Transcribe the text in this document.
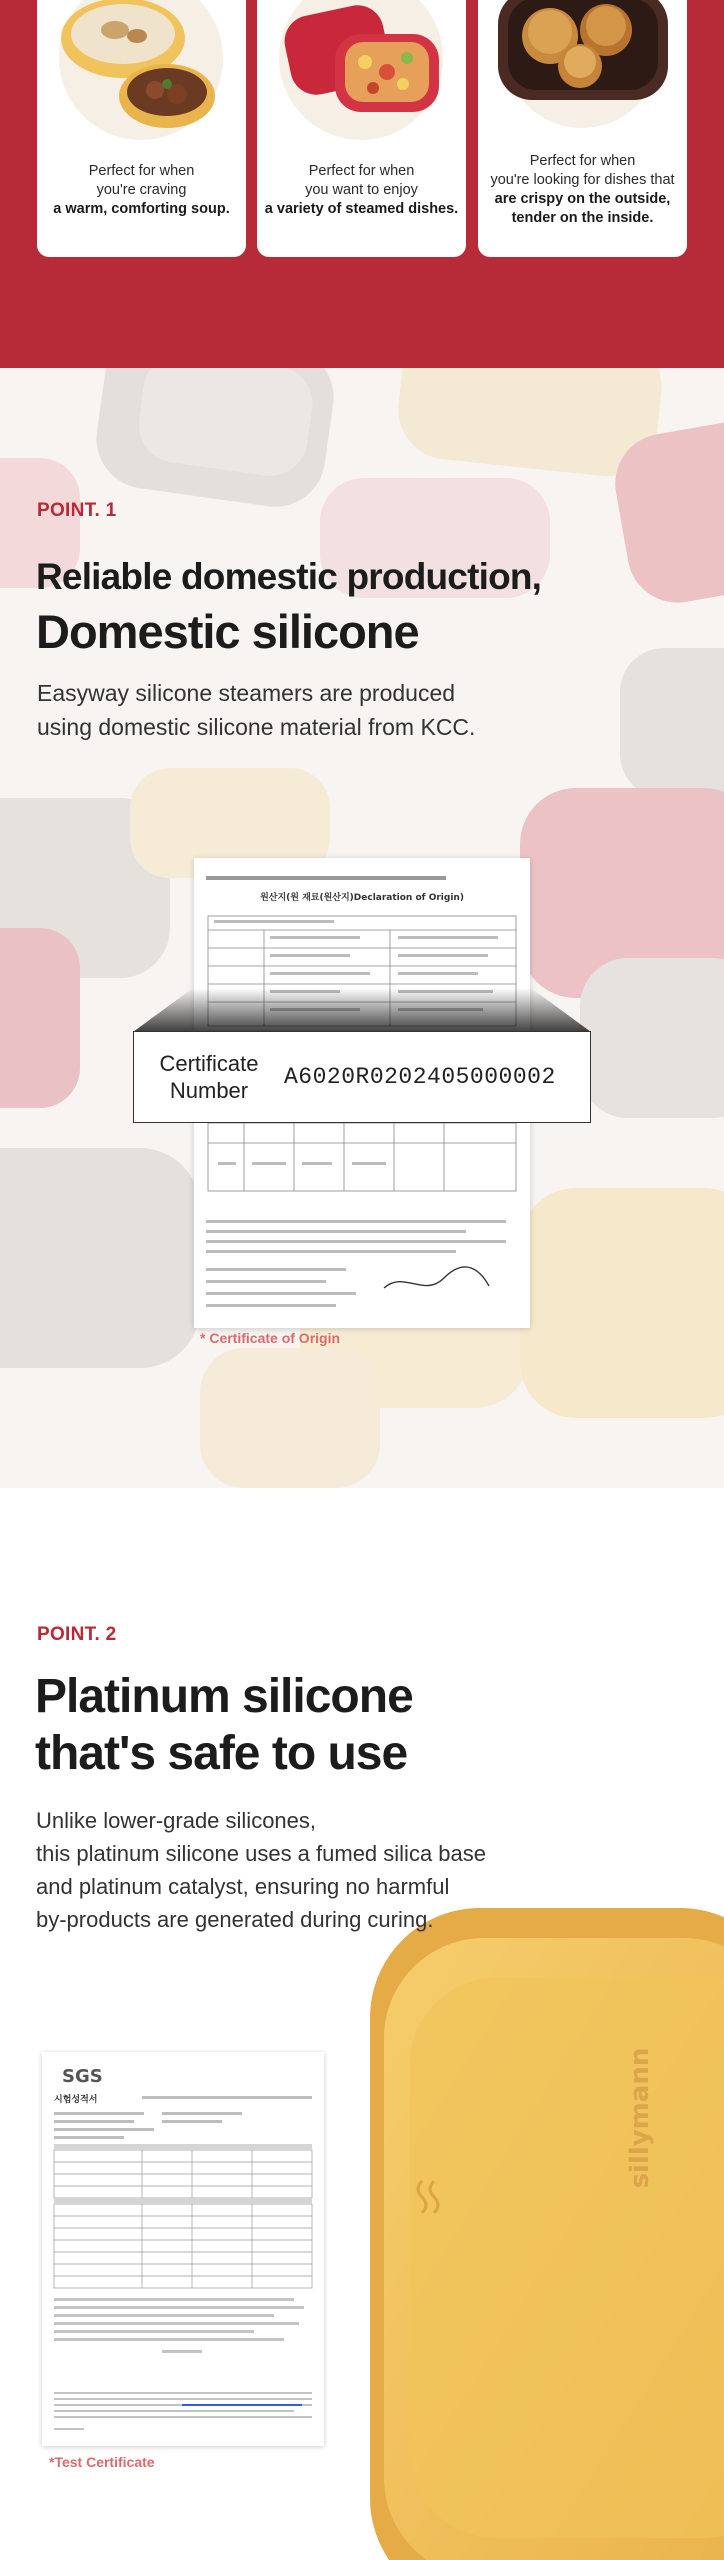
Perfect for when
you're craving
a warm, comforting soup.
Perfect for when
you want to enjoy
a variety of steamed dishes.
Perfect for when
you're looking for dishes that
are crispy on the outside,
tender on the inside.
POINT. 1
Reliable domestic production,
Domestic silicone
Easyway silicone steamers are produced
using domestic silicone material from KCC.
원산지(원 재료(원산지)Declaration of Origin)
Certificate
Number
A6020R0202405000002
* Certificate of Origin
sillymann
POINT. 2
Platinum silicone
that's safe to use
Unlike lower-grade silicones,
this platinum silicone uses a fumed silica base
and platinum catalyst, ensuring no harmful
by-products are generated during curing.
SGS
시험성적서
*Test Certificate
